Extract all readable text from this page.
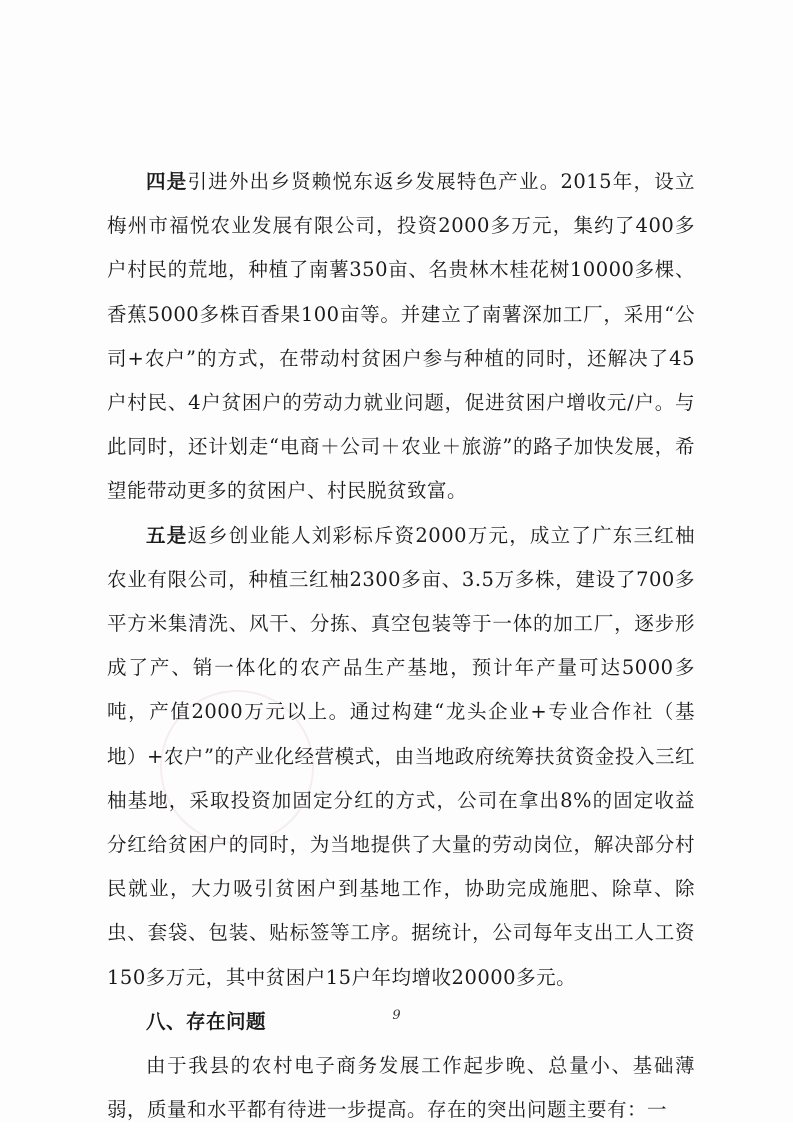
四是引进外出乡贤赖悦东返乡发展特色产业。2015年，设立梅州市福悦农业发展有限公司，投资2000多万元，集约了400多户村民的荒地，种植了南薯350亩、名贵林木桂花树10000多棵、香蕉5000多株百香果100亩等。并建立了南薯深加工厂，采用“公司+农户”的方式，在带动村贫困户参与种植的同时，还解决了45户村民、4户贫困户的劳动力就业问题，促进贫困户增收元/户。与此同时，还计划走“电商＋公司＋农业＋旅游”的路子加快发展，希望能带动更多的贫困户、村民脱贫致富。

五是返乡创业能人刘彩标斥资2000万元，成立了广东三红柚农业有限公司，种植三红柚2300多亩、3.5万多株，建设了700多平方米集清洗、风干、分拣、真空包装等于一体的加工厂，逐步形成了产、销一体化的农产品生产基地，预计年产量可达5000多吨，产值2000万元以上。通过构建“龙头企业+专业合作社（基地）+农户”的产业化经营模式，由当地政府统筹扶贫资金投入三红柚基地，采取投资加固定分红的方式，公司在拿出8%的固定收益分红给贫困户的同时，为当地提供了大量的劳动岗位，解决部分村民就业，大力吸引贫困户到基地工作，协助完成施肥、除草、除虫、套袋、包装、贴标签等工序。据统计，公司每年支出工人工资150多万元，其中贫困户15户年均增收20000多元。

八、存在问题

由于我县的农村电子商务发展工作起步晚、总量小、基础薄弱，质量和水平都有待进一步提高。存在的突出问题主要有：一

9
